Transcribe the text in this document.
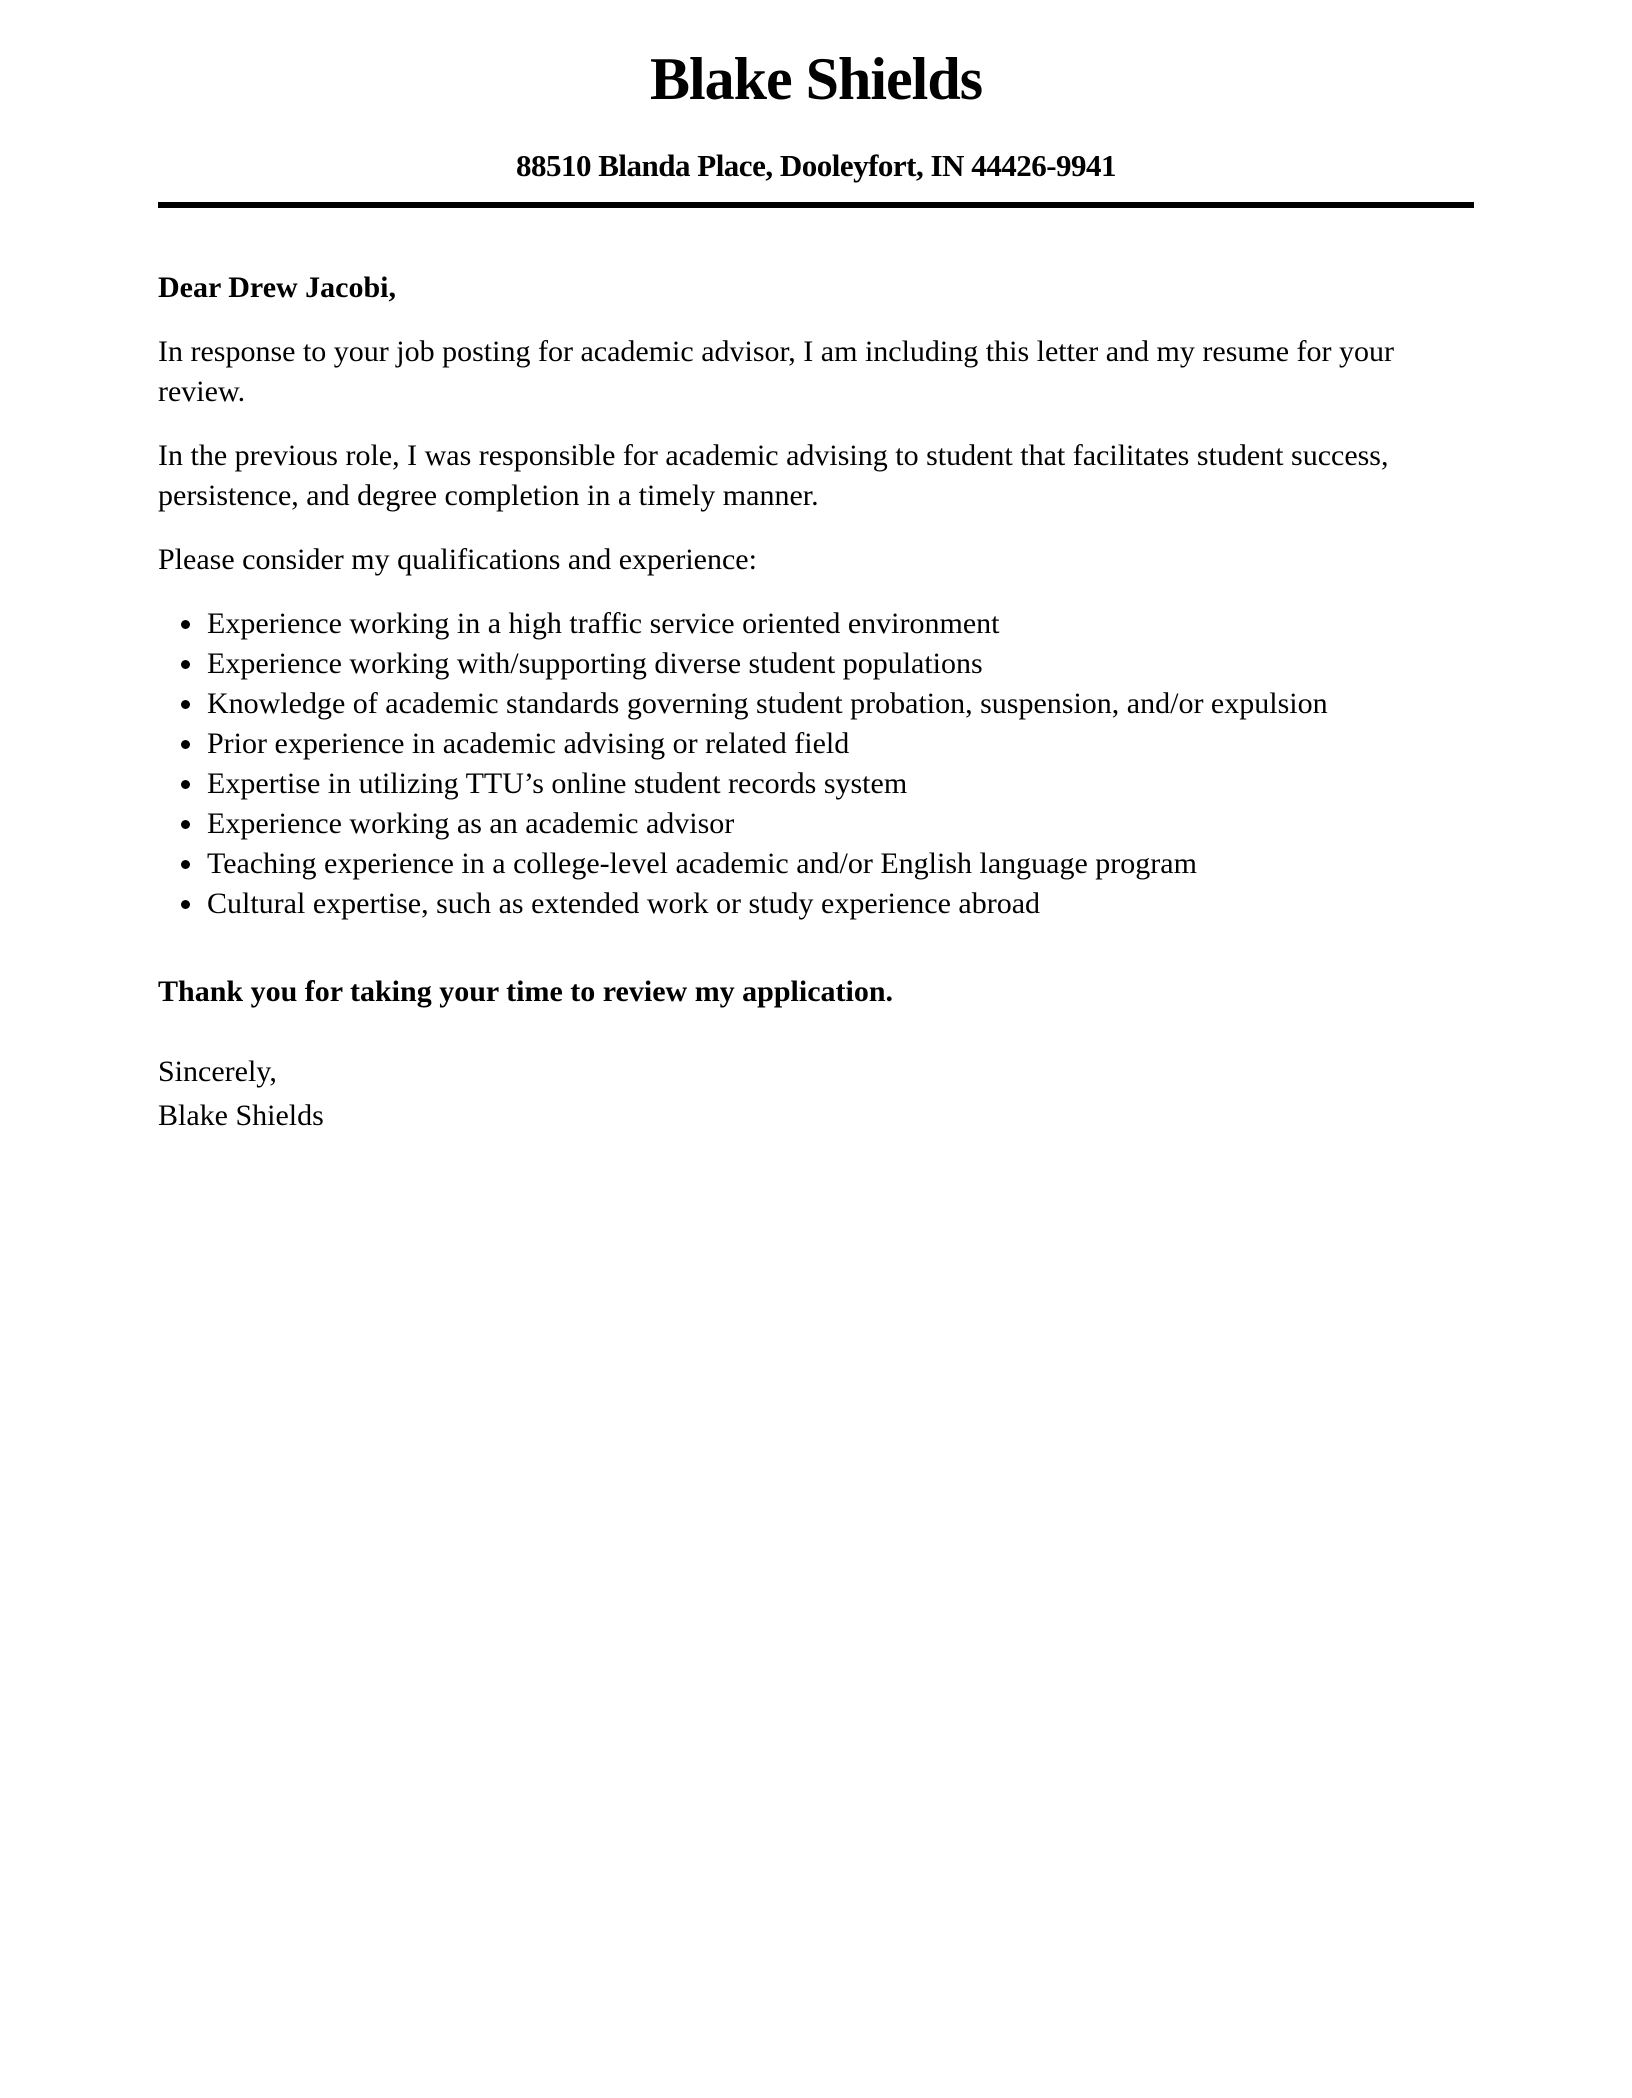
Blake Shields
88510 Blanda Place, Dooleyfort, IN 44426-9941

Dear Drew Jacobi,

In response to your job posting for academic advisor, I am including this letter and my resume for your review.

In the previous role, I was responsible for academic advising to student that facilitates student success, persistence, and degree completion in a timely manner.

Please consider my qualifications and experience:

• Experience working in a high traffic service oriented environment
• Experience working with/supporting diverse student populations
• Knowledge of academic standards governing student probation, suspension, and/or expulsion
• Prior experience in academic advising or related field
• Expertise in utilizing TTU’s online student records system
• Experience working as an academic advisor
• Teaching experience in a college-level academic and/or English language program
• Cultural expertise, such as extended work or study experience abroad

Thank you for taking your time to review my application.

Sincerely,
Blake Shields
